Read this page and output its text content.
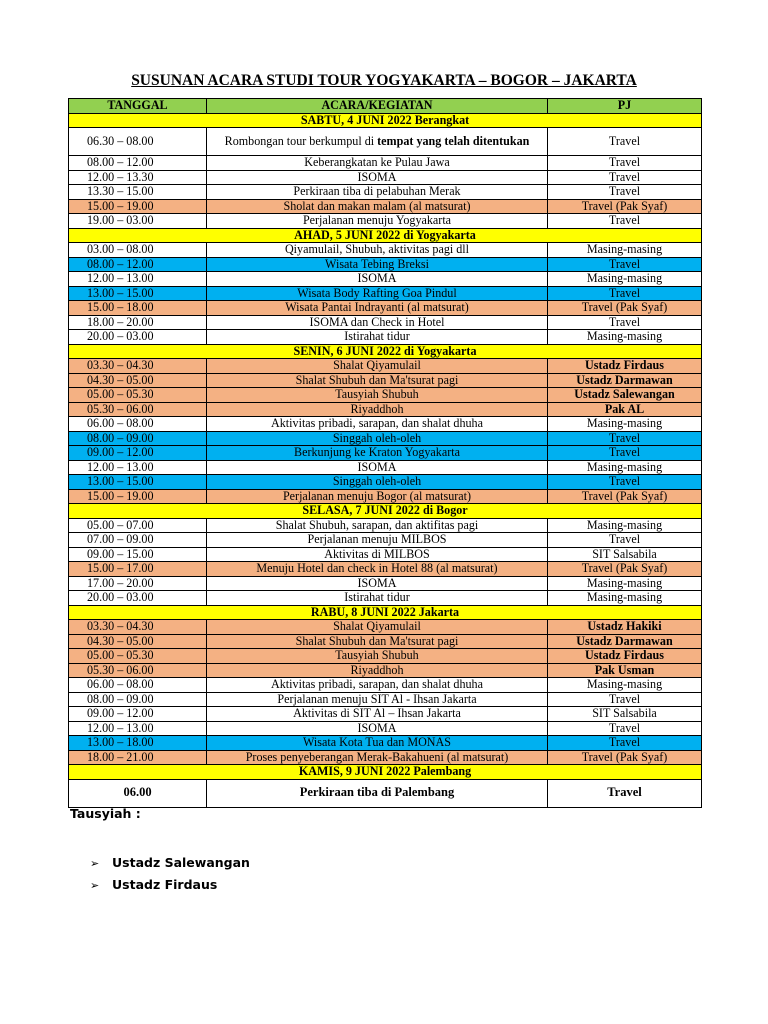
SUSUNAN ACARA STUDI TOUR YOGYAKARTA – BOGOR – JAKARTA
TANGGAL	ACARA/KEGIATAN	PJ
SABTU, 4 JUNI 2022 Berangkat		
06.30 – 08.00	Rombongan tour berkumpul di tempat yang telah ditentukan	Travel
08.00 – 12.00	Keberangkatan ke Pulau Jawa	Travel
12.00 – 13.30	ISOMA	Travel
13.30 – 15.00	Perkiraan tiba di pelabuhan Merak	Travel
15.00 – 19.00	Sholat dan makan malam (al matsurat)	Travel (Pak Syaf)
19.00 – 03.00	Perjalanan menuju Yogyakarta	Travel
AHAD, 5 JUNI 2022 di Yogyakarta		
03.00 – 08.00	Qiyamulail, Shubuh, aktivitas pagi dll	Masing-masing
08.00 – 12.00	Wisata Tebing Breksi	Travel
12.00 – 13.00	ISOMA	Masing-masing
13.00 – 15.00	Wisata Body Rafting Goa Pindul	Travel
15.00 – 18.00	Wisata Pantai Indrayanti (al matsurat)	Travel (Pak Syaf)
18.00 – 20.00	ISOMA dan Check in Hotel	Travel
20.00 – 03.00	Istirahat tidur	Masing-masing
SENIN, 6 JUNI 2022 di Yogyakarta		
03.30 – 04.30	Shalat Qiyamulail	Ustadz Firdaus
04.30 – 05.00	Shalat Shubuh dan Ma'tsurat pagi	Ustadz Darmawan
05.00 – 05.30	Tausyiah Shubuh	Ustadz Salewangan
05.30 – 06.00	Riyaddhoh	Pak AL
06.00 – 08.00	Aktivitas pribadi, sarapan, dan shalat dhuha	Masing-masing
08.00 – 09.00	Singgah oleh-oleh	Travel
09.00 – 12.00	Berkunjung ke Kraton Yogyakarta	Travel
12.00 – 13.00	ISOMA	Masing-masing
13.00 – 15.00	Singgah oleh-oleh	Travel
15.00 – 19.00	Perjalanan menuju Bogor (al matsurat)	Travel (Pak Syaf)
SELASA, 7 JUNI 2022 di Bogor		
05.00 – 07.00	Shalat Shubuh, sarapan, dan aktifitas pagi	Masing-masing
07.00 – 09.00	Perjalanan menuju MILBOS	Travel
09.00 – 15.00	Aktivitas di MILBOS	SIT Salsabila
15.00 – 17.00	Menuju Hotel dan check in Hotel 88 (al matsurat)	Travel (Pak Syaf)
17.00 – 20.00	ISOMA	Masing-masing
20.00 – 03.00	Istirahat tidur	Masing-masing
RABU, 8 JUNI 2022 Jakarta		
03.30 – 04.30	Shalat Qiyamulail	Ustadz Hakiki
04.30 – 05.00	Shalat Shubuh dan Ma'tsurat pagi	Ustadz Darmawan
05.00 – 05.30	Tausyiah Shubuh	Ustadz Firdaus
05.30 – 06.00	Riyaddhoh	Pak Usman
06.00 – 08.00	Aktivitas pribadi, sarapan, dan shalat dhuha	Masing-masing
08.00 – 09.00	Perjalanan menuju SIT Al - Ihsan Jakarta	Travel
09.00 – 12.00	Aktivitas di SIT Al – Ihsan Jakarta	SIT Salsabila
12.00 – 13.00	ISOMA	Travel
13.00 – 18.00	Wisata Kota Tua dan MONAS	Travel
18.00 – 21.00	Proses penyeberangan Merak-Bakahueni (al matsurat)	Travel (Pak Syaf)
KAMIS, 9 JUNI 2022 Palembang		
06.00	Perkiraan tiba di Palembang	Travel
Tausyiah :
➢ Ustadz Salewangan
➢ Ustadz Firdaus
